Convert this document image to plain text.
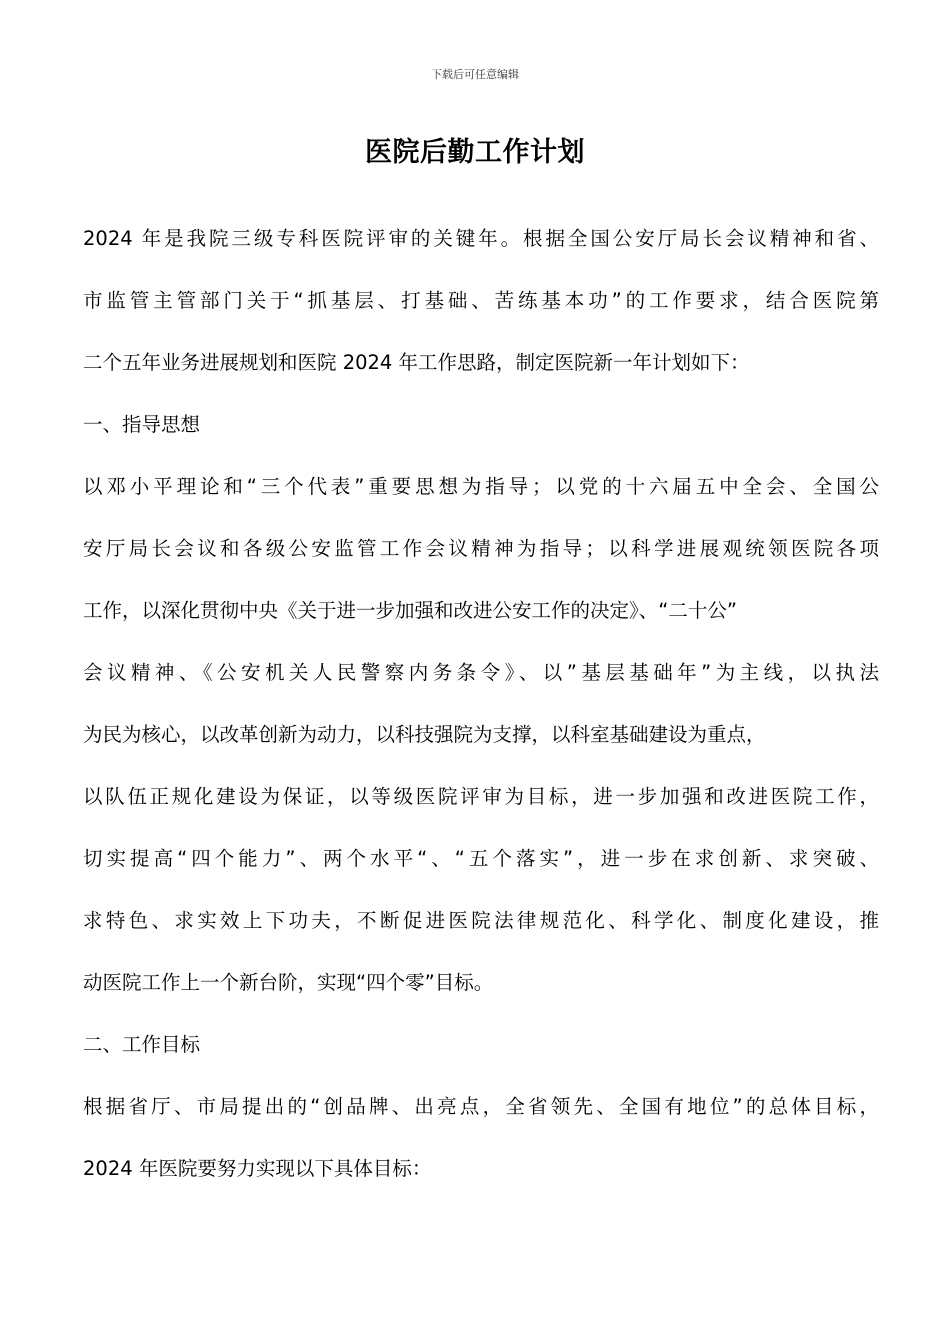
下载后可任意编辑
医院后勤工作计划
2024 年是我院三级专科医院评审的关键年。根据全国公安厅局长会议精神和省、
市监管主管部门关于“抓基层、打基础、苦练基本功”的工作要求，结合医院第
二个五年业务进展规划和医院 2024 年工作思路，制定医院新一年计划如下：
一、指导思想
以邓小平理论和“三个代表”重要思想为指导；以党的十六届五中全会、全国公
安厅局长会议和各级公安监管工作会议精神为指导；以科学进展观统领医院各项
工作，以深化贯彻中央《关于进一步加强和改进公安工作的决定》、“二十公”
会议精神、《公安机关人民警察内务条令》、以”基层基础年”为主线，以执法
为民为核心，以改革创新为动力，以科技强院为支撑，以科室基础建设为重点，
以队伍正规化建设为保证，以等级医院评审为目标，进一步加强和改进医院工作，
切实提高“四个能力”、两个水平“、“五个落实”，进一步在求创新、求突破、
求特色、求实效上下功夫，不断促进医院法律规范化、科学化、制度化建设，推
动医院工作上一个新台阶，实现“四个零”目标。
二、工作目标
根据省厅、市局提出的“创品牌、出亮点，全省领先、全国有地位”的总体目标，
2024 年医院要努力实现以下具体目标：
